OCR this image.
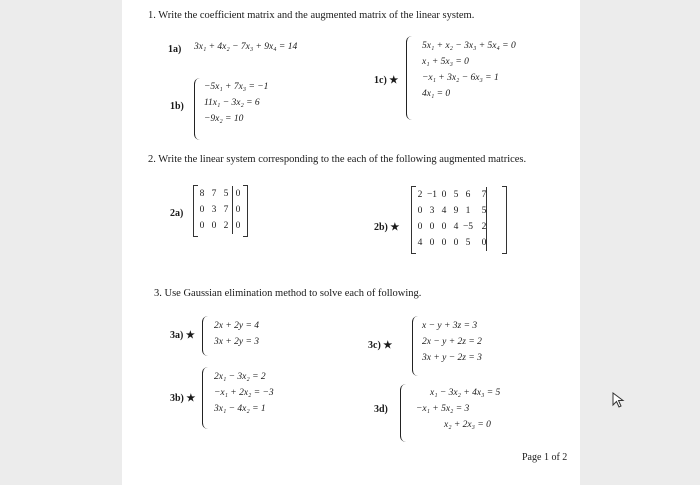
1. Write the coefficient matrix and the augmented matrix of the linear system.
1a) 3x₁ + 4x₂ − 7x₃ + 9x₄ = 14
1b)
−5x₁ + 7x₃ = −1
11x₁ − 3x₂ = 6
−9x₂ = 10
1c) ★
5x₁ + x₂ − 3x₃ + 5x₄ = 0
x₁ + 5x₃ = 0
−x₁ + 3x₂ − 6x₃ = 1
4x₁ = 0
2. Write the linear system corresponding to the each of the following augmented matrices.
2a)
8 7 5 0
0 3 7 0
0 0 2 0	2b) ★
2 −1 0 5 6	7
0 3 4 9 1	5
0 0 0 4 −5 2
4 0 0 0 5	0
3. Use Gaussian elimination method to solve each of following.
3a) ★
2x + 2y = 4
3x + 2y = 3
3b) ★
2x₁ − 3x₂ = 2
−x₁ + 2x₂ = −3
3x₁ − 4x₂ = 1
3c) ★
x − y + 3z = 3
2x − y + 2z = 2
3x + y − 2z = 3
3d)
x₁ − 3x₂ + 4x₃ = 5
−x₁ + 5x₂ = 3
x₂ + 2x₃ = 0
Page 1 of 2
